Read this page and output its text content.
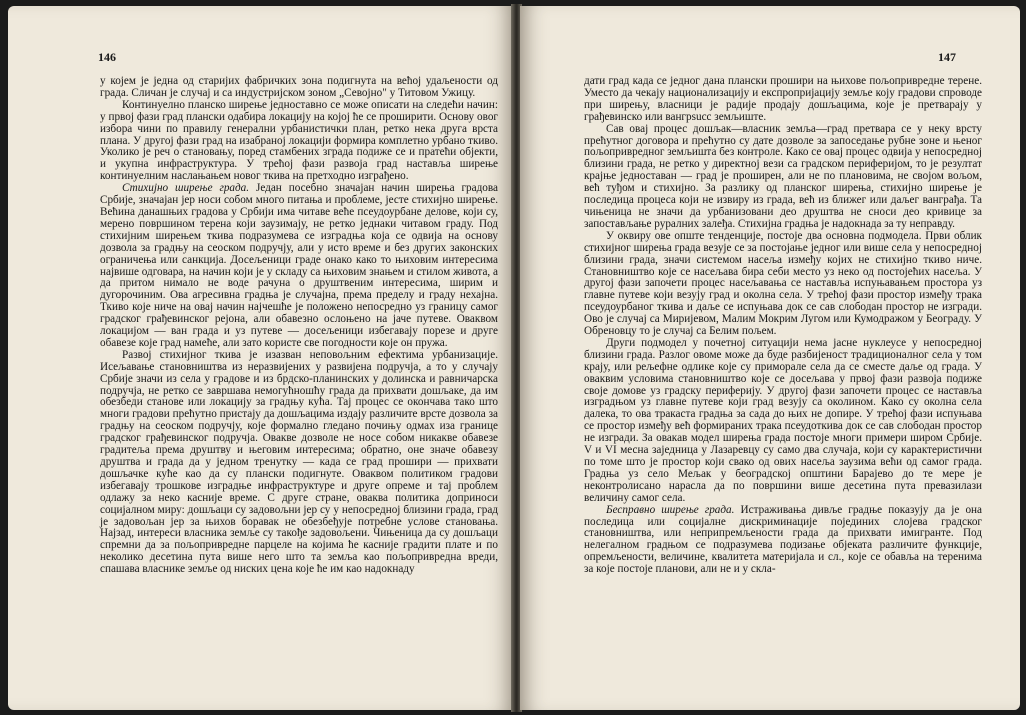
146

у којем је једна од старијих фабричких зона подигнута на већој удаљености од града. Сличан је случај и са индустријском зоном „Севојно" у Титовом Ужицу.

Континуелно планско ширење једноставно се може описати на следећи начин: у првој фази град плански одабира локацију на којој ће се проширити. Основу овог избора чини по правилу генерални урбанистички план, ретко нека друга врста плана. У другој фази град на изабраној локацији формира комплетно урбано ткиво. Уколико је реч о становању, поред стамбених зграда подиже се и пратећи објекти, и укупна инфраструктура. У трећој фази развоја град наставља ширење континуелним наслањањем новог ткива на претходно изграђено.

Стихијно ширење града. Један посебно значајан начин ширења градова Србије, значајан јер носи собом много питања и проблеме, јесте стихијно ширење. Већина данашњих градова у Србији има читаве веће псеудоурбане делове, који су, мерено површином терена који заузимају, не ретко једнаки читавом граду. Под стихијним ширењем ткива подразумева се изградња која се одвија на основу дозвола за градњу на сеоском подручју, али у исто време и без других законских ограничења или санкција. Досељеници граде онако како то њиховим интересима највише одговара, на начин који је у складу са њиховим знањем и стилом живота, а да притом нимало не воде рачуна о друштвеним интересима, ширим и дугорочиним. Ова агресивна градња је случајна, према пределу и граду нехајна. Ткиво које ниче на овај начин најчешће је положено непосредно уз границу самог градског грађевинског рејона, али обавезно ослоњено на јаче путеве. Оваквом локацијом — ван града и уз путеве — досељеници избегавају порезе и друге обавезе које град намеће, али зато користе све погодности које он пружа.

Развој стихијног ткива је изазван неповољним ефектима урбанизације. Исељавање становништва из неразвијених у развијена подручја, а то у случају Србије значи из села у градове и из брдско-планинских у долинска и равничарска подручја, не ретко се завршава немогућношћу града да прихвати дошљаке, да им обезбеди станове или локацију за градњу кућа. Тај процес се окончава тако што многи градови прећутно пристају да дошљацима издају различите врсте дозвола за градњу на сеоском подручју, које формално гледано почињу одмах иза границе градског грађевинског подручја. Овакве дозволе не носе собом никакве обавезе градитеља према друштву и његовим интересима; обратно, оне значе обавезу друштва и града да у једном тренутку — када се град прошири — прихвати дошљачке куће као да су плански подигнуте. Оваквом политиком градови избегавају трошкове изградње инфраструктуре и друге опреме и тај проблем одлажу за нeко касније време. С друге стране, оваква политика доприноси социјалном миру: дошљаци су задовољни јер су у непосредној близини града, град је задовољан јер за њихов боравак не обезбеђује потребне услове становања. Најзад, интереси власника земље су такође задовољени. Чињеница да су дошљаци спремни да за пољопривредне парцеле на којима ће касније градити плате и по неколико десетина пута више него што та земља као пољопривредна вреди, спашава власнике земље од ниских цена које ће им као надокнаду

147

дати град када се једног дана плански прошири на њихове пољопривредне терене. Уместо да чекају национализацију и експропријацију земље коју градови спроводе при ширењу, власници је радије продају дошљацима, које је претварају у грађевинско или вангрsucc земљиште.

Сав овај процес дошљак—власник земља—град претвара се у неку врсту прећутног договора и прећутно су дате дозволе за запоседање рубне зоне и њеног пољопривредног земљишта без контроле. Како се овај процес одвија у непосредној близини града, не ретко у директној вези са градском периферијом, то је резултат крајње једноставан — град је проширен, али не по плановима, не својом вољом, већ туђом и стихијно. За разлику од планског ширења, стихијно ширење је последица процеса који не извиру из града, већ из ближег или даљег вангрaђа. Та чињеница не значи да урбанизовани део друштва не сноси део кривице за запостављање руралних залеђа. Стихијна градња је надокнада за ту неправду.

У оквиру ове опште тенденције, постоје два основна подмодела. Први облик стихијног ширења града везује се за постојање једног или више села у непосредној близини града, значи системом насеља између којих не стихијно ткиво ниче. Становништво које се насељава бира себи место уз неко од постојећих насеља. У другој фази започети процес насељавања се наставља испуњавањем простора уз главне путеве који везују град и околна села. У трећој фази простор између трака псеудоурбаног ткива и даље се испуњава док се сав слободан простор не изгради. Ово је случај са Миријевом, Малим Мокрим Лугом или Кумодражом у Београду. У Обреновцу то је случај са Белим пољем.

Други подмодел у почетној ситуацији нема јасне нуклеусе у непосредној близини града. Разлог овоме може да буде разбијеност традиционалног села у том крају, или рељефне одлике које су приморале села да се сместе даље од града. У оваквим условима становништво које се досељава у првој фази развоја подиже своје домове уз градску периферију. У другој фази започети процес се наставља изградњом уз главне путеве који град везују са околином. Како су околна села далека, то ова тракаста градња за сада до њих не допире. У трећој фази испуњава се простор између већ формираних трака псеудоткива док се сав слободан простор не изгради. За овакав модел ширења града постоје многи примери широм Србије. V и VI месна заједница у Лазаревцу су само два случаја, који су карактеристични по томе што је простор који свако од ових насеља заузима већи од самог града. Градња уз село Мељак у београдској општини Барајево до те мере је неконтролисано нарасла да по површини више десетина пута превазилази величину самог села.

Бесправно ширење града. Истраживања дивље градње показују да је она последица или социјалне дискриминације појединих слојева градског становништва, или неприпремљености града да прихвати имигранте. Под нелегалном градњом се подразумева подизање објеката различите функције, опремљености, величине, квалитета материјала и сл., које се обавља на теренима за које постоје планови, али не и у скла-
